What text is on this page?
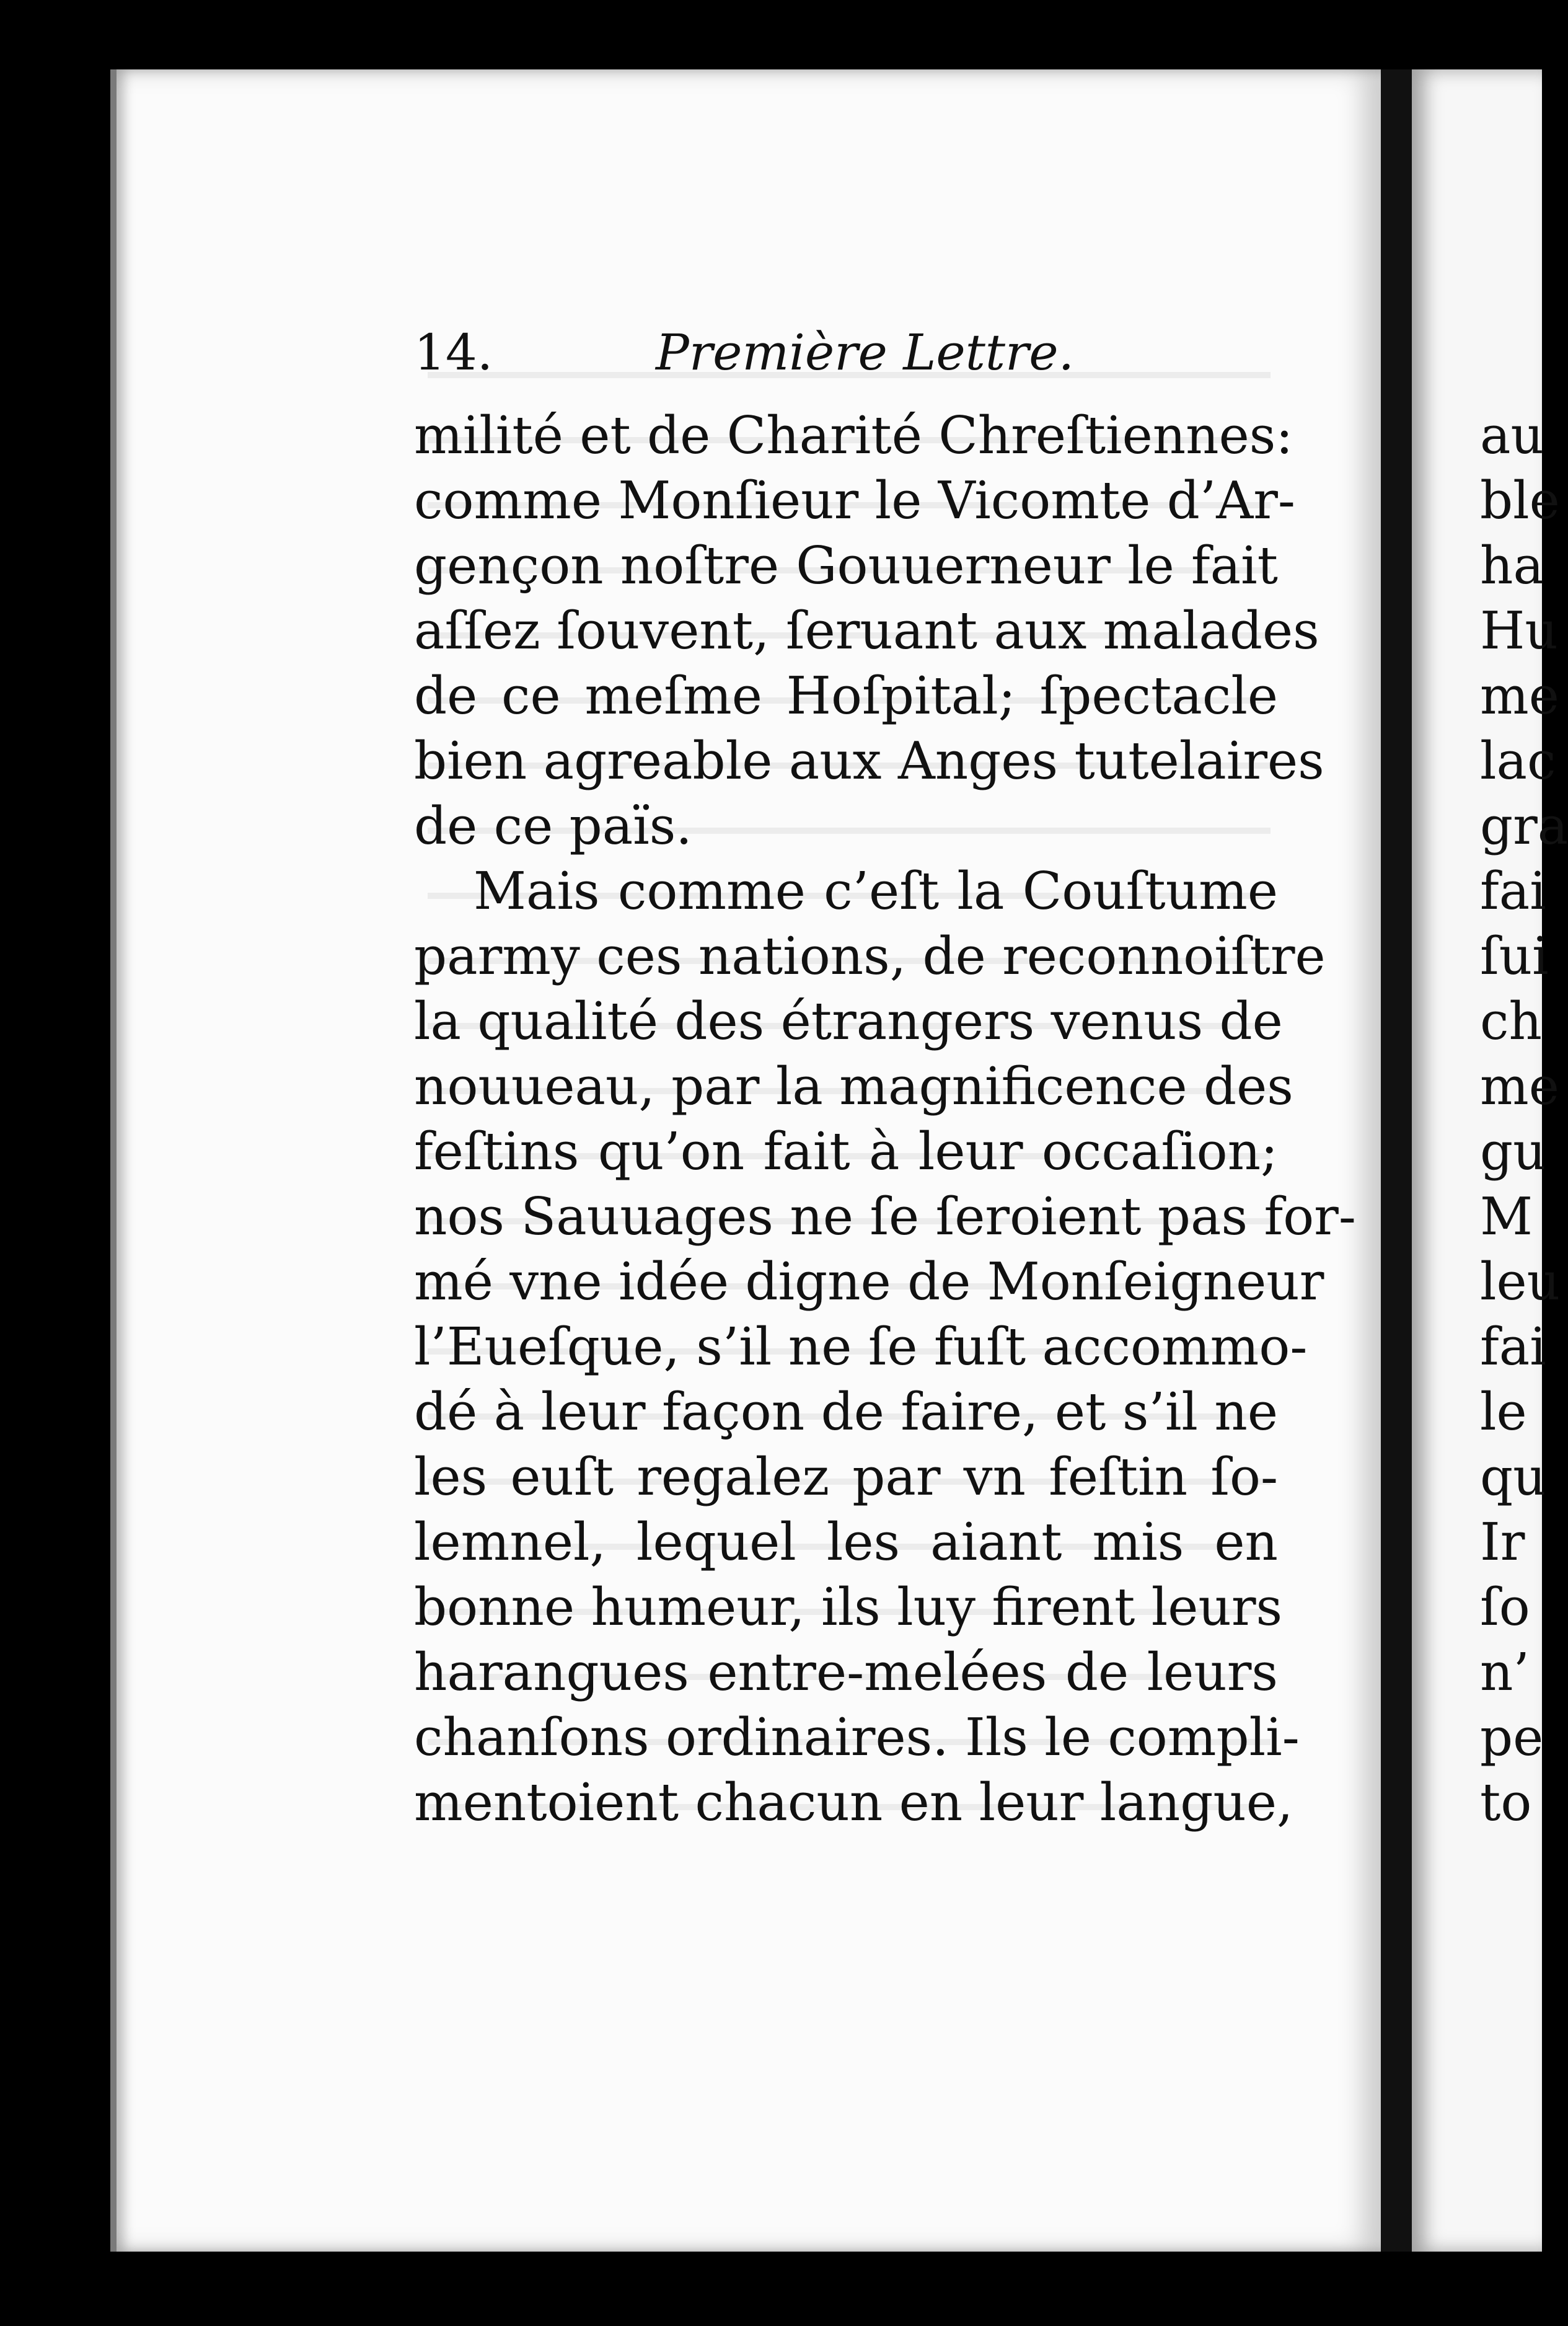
au
ble
ha
Hu
me
lac
gra
fai
ſui
ch
me
gu
M
leu
fai
le
qu
Ir
ſo
n’
pe
to
14.	Première Lettre.
milité et de Charité Chreſtiennes:
comme Monſieur le Vicomte d’Ar-
gençon noſtre Gouuerneur le fait
aſſez ſouvent, ſeruant aux malades
de ce meſme Hoſpital; ſpectacle
bien agreable aux Anges tutelaires
de ce païs.
Mais comme c’eſt la Couſtume
parmy ces nations, de reconnoiſtre
la qualité des étrangers venus de
nouueau, par la magnificence des
feſtins qu’on fait à leur occaſion;
nos Sauuages ne ſe ſeroient pas for-
mé vne idée digne de Monſeigneur
l’Eueſque, s’il ne ſe fuſt accommo-
dé à leur façon de faire, et s’il ne
les euſt regalez par vn feſtin ſo-
lemnel, lequel les aiant mis en
bonne humeur, ils luy firent leurs
harangues entre-melées de leurs
chanſons ordinaires. Ils le compli-
mentoient chacun en leur langue,
